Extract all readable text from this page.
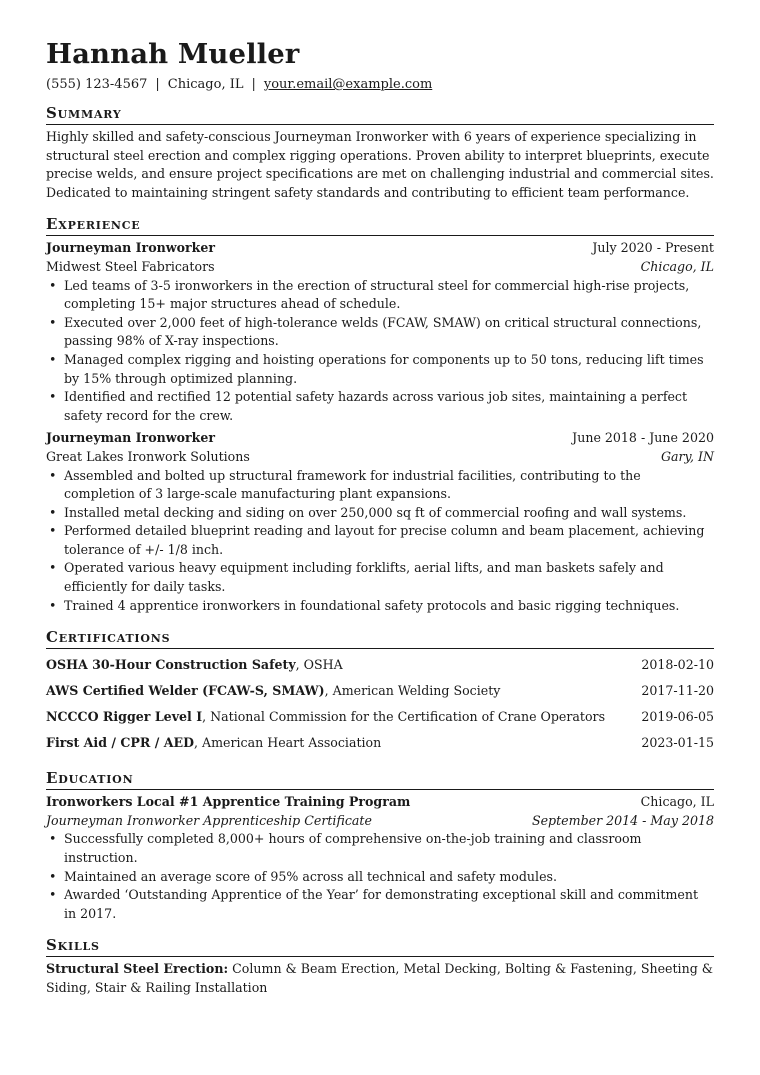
Hannah Mueller
(555) 123-4567 | Chicago, IL | your.email@example.com
Summary

Highly skilled and safety-conscious Journeyman Ironworker with 6 years of experience specializing in structural steel erection and complex rigging operations. Proven ability to interpret blueprints, execute precise welds, and ensure project specifications are met on challenging industrial and commercial sites. Dedicated to maintaining stringent safety standards and contributing to efficient team performance.

Experience
Journeyman Ironworker	July 2020 - Present
Midwest Steel Fabricators	Chicago, IL
• Led teams of 3-5 ironworkers in the erection of structural steel for commercial high-rise projects, completing 15+ major structures ahead of schedule.
• Executed over 2,000 feet of high-tolerance welds (FCAW, SMAW) on critical structural connections, passing 98% of X-ray inspections.
• Managed complex rigging and hoisting operations for components up to 50 tons, reducing lift times by 15% through optimized planning.
• Identified and rectified 12 potential safety hazards across various job sites, maintaining a perfect safety record for the crew.
Journeyman Ironworker	June 2018 - June 2020
Great Lakes Ironwork Solutions	Gary, IN
• Assembled and bolted up structural framework for industrial facilities, contributing to the completion of 3 large-scale manufacturing plant expansions.
• Installed metal decking and siding on over 250,000 sq ft of commercial roofing and wall systems.
• Performed detailed blueprint reading and layout for precise column and beam placement, achieving tolerance of +/- 1/8 inch.
• Operated various heavy equipment including forklifts, aerial lifts, and man baskets safely and efficiently for daily tasks.
• Trained 4 apprentice ironworkers in foundational safety protocols and basic rigging techniques.
Certifications
OSHA 30-Hour Construction Safety, OSHA	2018-02-10
AWS Certified Welder (FCAW-S, SMAW), American Welding Society	2017-11-20
NCCCO Rigger Level I, National Commission for the Certification of Crane Operators	2019-06-05
First Aid / CPR / AED, American Heart Association	2023-01-15
Education
Ironworkers Local #1 Apprentice Training Program	Chicago, IL
Journeyman Ironworker Apprenticeship Certificate	September 2014 - May 2018
• Successfully completed 8,000+ hours of comprehensive on-the-job training and classroom instruction.
• Maintained an average score of 95% across all technical and safety modules.
• Awarded ‘Outstanding Apprentice of the Year’ for demonstrating exceptional skill and commitment in 2017.
Skills
Structural Steel Erection: Column & Beam Erection, Metal Decking, Bolting & Fastening, Sheeting & Siding, Stair & Railing Installation
